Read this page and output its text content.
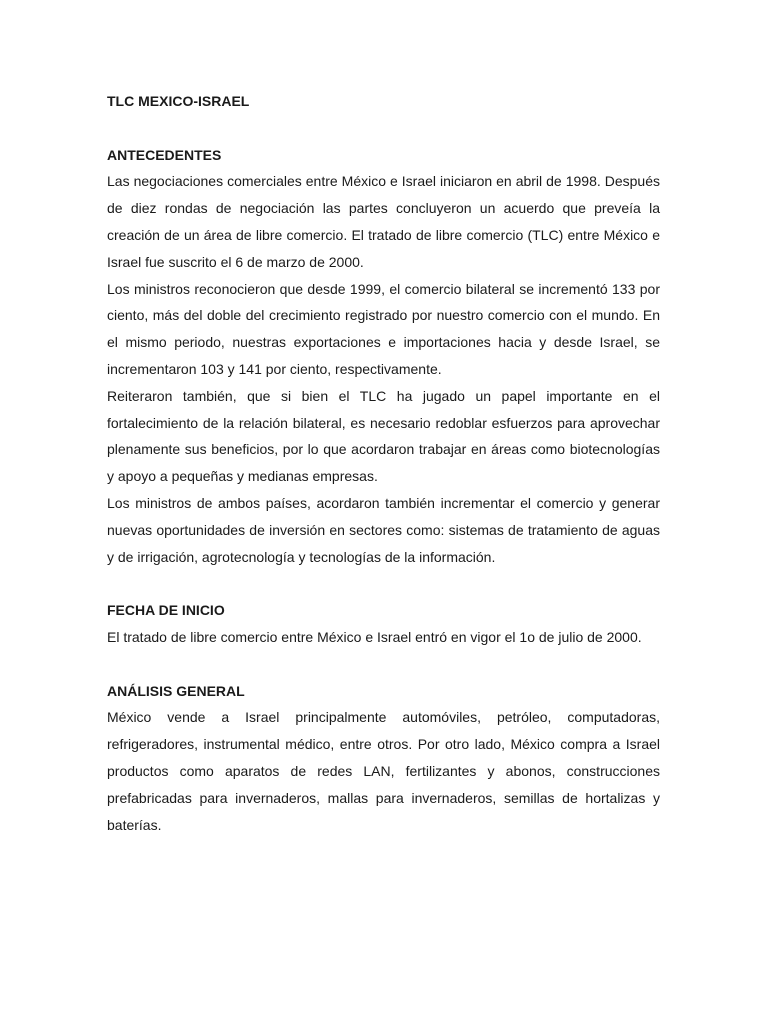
TLC MEXICO-ISRAEL

ANTECEDENTES

Las negociaciones comerciales entre México e Israel iniciaron en abril de 1998. Después de diez rondas de negociación las partes concluyeron un acuerdo que preveía la creación de un área de libre comercio. El tratado de libre comercio (TLC) entre México e Israel fue suscrito el 6 de marzo de 2000.

Los ministros reconocieron que desde 1999, el comercio bilateral se incrementó 133 por ciento, más del doble del crecimiento registrado por nuestro comercio con el mundo. En el mismo periodo, nuestras exportaciones e importaciones hacia y desde Israel, se incrementaron 103 y 141 por ciento, respectivamente.

Reiteraron también, que si bien el TLC ha jugado un papel importante en el fortalecimiento de la relación bilateral, es necesario redoblar esfuerzos para aprovechar plenamente sus beneficios, por lo que acordaron trabajar en áreas como biotecnologías y apoyo a pequeñas y medianas empresas.

Los ministros de ambos países, acordaron también incrementar el comercio y generar nuevas oportunidades de inversión en sectores como: sistemas de tratamiento de aguas y de irrigación, agrotecnología y tecnologías de la información.

FECHA DE INICIO

El tratado de libre comercio entre México e Israel entró en vigor el 1o de julio de 2000.

ANÁLISIS GENERAL

México vende a Israel principalmente automóviles, petróleo, computadoras, refrigeradores, instrumental médico, entre otros. Por otro lado, México compra a Israel productos como aparatos de redes LAN, fertilizantes y abonos, construcciones prefabricadas para invernaderos, mallas para invernaderos, semillas de hortalizas y baterías.
